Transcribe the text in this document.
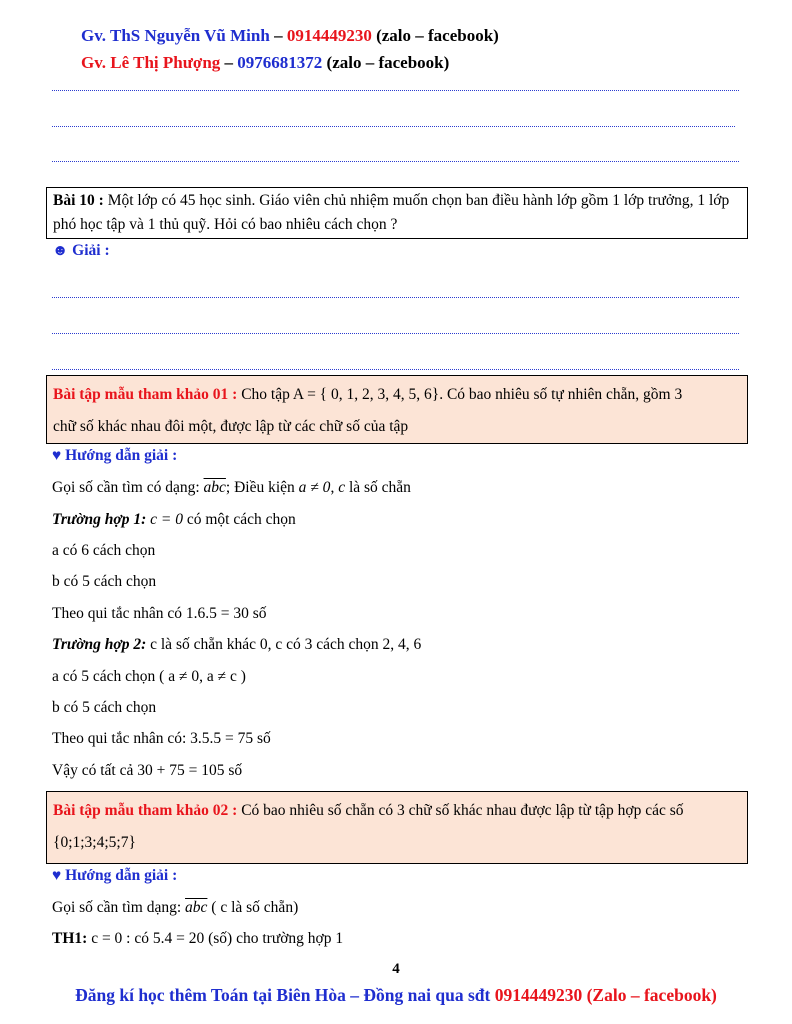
Gv. ThS Nguyễn Vũ Minh – 0914449230 (zalo – facebook)
Gv. Lê Thị Phượng – 0976681372 (zalo – facebook)
Bài 10 : Một lớp có 45 học sinh. Giáo viên chủ nhiệm muốn chọn ban điều hành lớp gồm 1 lớp trưởng, 1 lớp phó học tập và 1 thủ quỹ. Hỏi có bao nhiêu cách chọn ?
☻ Giải :
Bài tập mẫu tham khảo 01 : Cho tập A = { 0, 1, 2, 3, 4, 5, 6}. Có bao nhiêu số tự nhiên chẵn, gồm 3
chữ số khác nhau đôi một, được lập từ các chữ số của tập
♥ Hướng dẫn giải :
Gọi số cần tìm có dạng: $\overline{abc}$; Điều kiện a ≠ 0, c là số chẵn
Trường hợp 1: c = 0 có một cách chọn
a có 6 cách chọn
b có 5 cách chọn
Theo qui tắc nhân có 1.6.5 = 30 số
Trường hợp 2: c là số chẵn khác 0, c có 3 cách chọn 2, 4, 6
a có 5 cách chọn ( a ≠ 0, a ≠ c )
b có 5 cách chọn
Theo qui tắc nhân có: 3.5.5 = 75 số
Vậy có tất cả 30 + 75 = 105 số
Bài tập mẫu tham khảo 02 : Có bao nhiêu số chẵn có 3 chữ số khác nhau được lập từ tập hợp các số
{0;1;3;4;5;7}
♥ Hướng dẫn giải :
Gọi số cần tìm dạng: $\overline{abc}$ ( c là số chẵn)
TH1: c = 0 : có 5.4 = 20 (số) cho trường hợp 1
4
Đăng kí học thêm Toán tại Biên Hòa – Đồng nai qua sđt 0914449230 (Zalo – facebook)
